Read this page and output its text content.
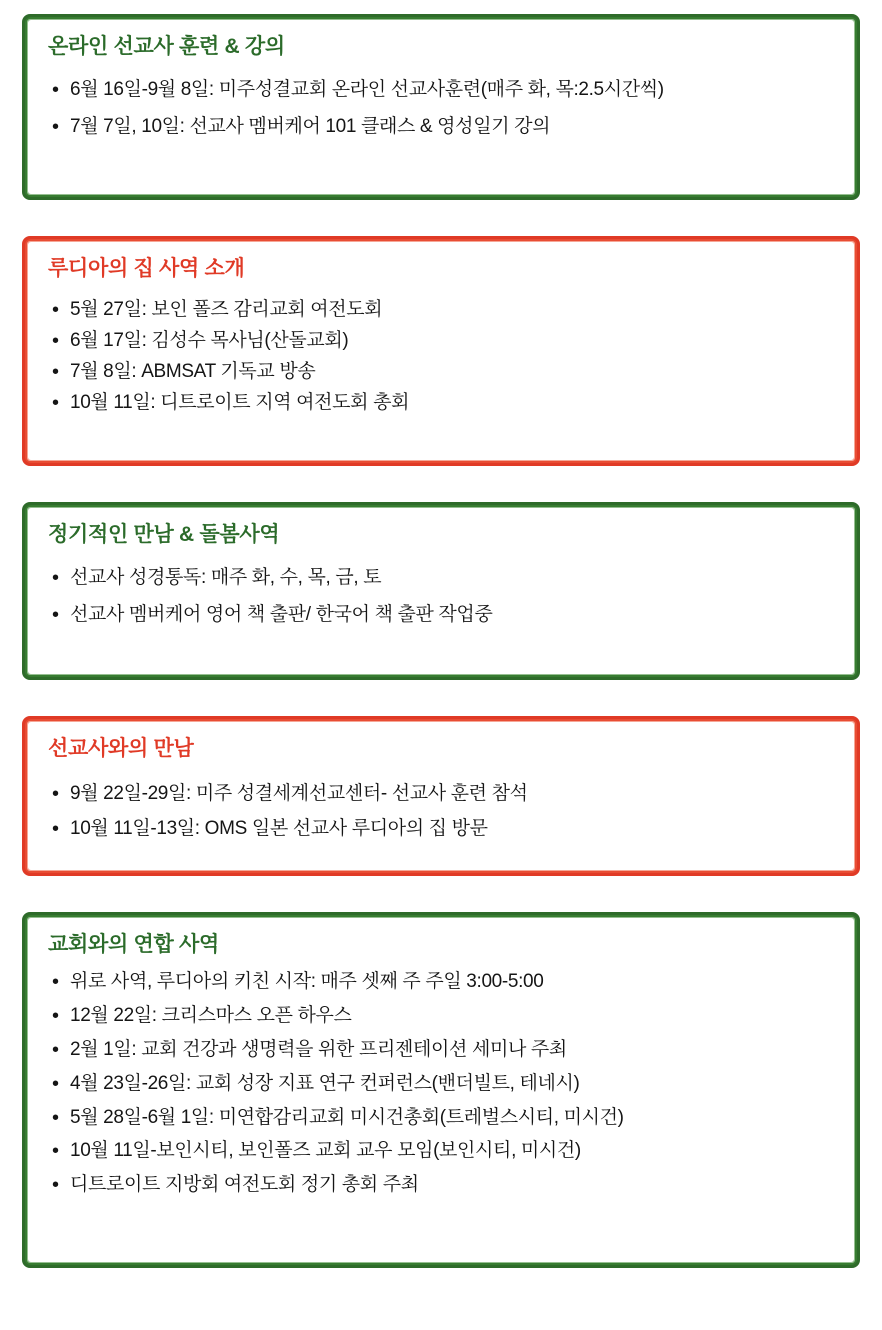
온라인 선교사 훈련 & 강의
• 6월 16일-9월 8일: 미주성결교회 온라인 선교사훈련(매주 화, 목:2.5시간씩)
• 7월 7일, 10일: 선교사 멤버케어 101 클래스 & 영성일기 강의
루디아의 집 사역 소개
• 5월 27일: 보인 폴즈 감리교회 여전도회
• 6월 17일: 김성수 목사님(산돌교회)
• 7월 8일: ABMSAT 기독교 방송
• 10월 11일: 디트로이트 지역 여전도회 총회
정기적인 만남 & 돌봄사역
• 선교사 성경통독: 매주 화, 수, 목, 금, 토
• 선교사 멤버케어 영어 책 출판/ 한국어 책 출판 작업중
선교사와의 만남
• 9월 22일-29일: 미주 성결세계선교센터- 선교사 훈련 참석
• 10월 11일-13일: OMS 일본 선교사 루디아의 집 방문
교회와의 연합 사역
• 위로 사역, 루디아의 키친 시작: 매주 셋째 주 주일 3:00-5:00
• 12월 22일: 크리스마스 오픈 하우스
• 2월 1일: 교회 건강과 생명력을 위한 프리젠테이션 세미나 주최
• 4월 23일-26일: 교회 성장 지표 연구 컨퍼런스(밴더빌트, 테네시)
• 5월 28일-6월 1일: 미연합감리교회 미시건총회(트레벌스시티, 미시건)
• 10월 11일-보인시티, 보인폴즈 교회 교우 모임(보인시티, 미시건)
• 디트로이트 지방회 여전도회 정기 총회 주최
